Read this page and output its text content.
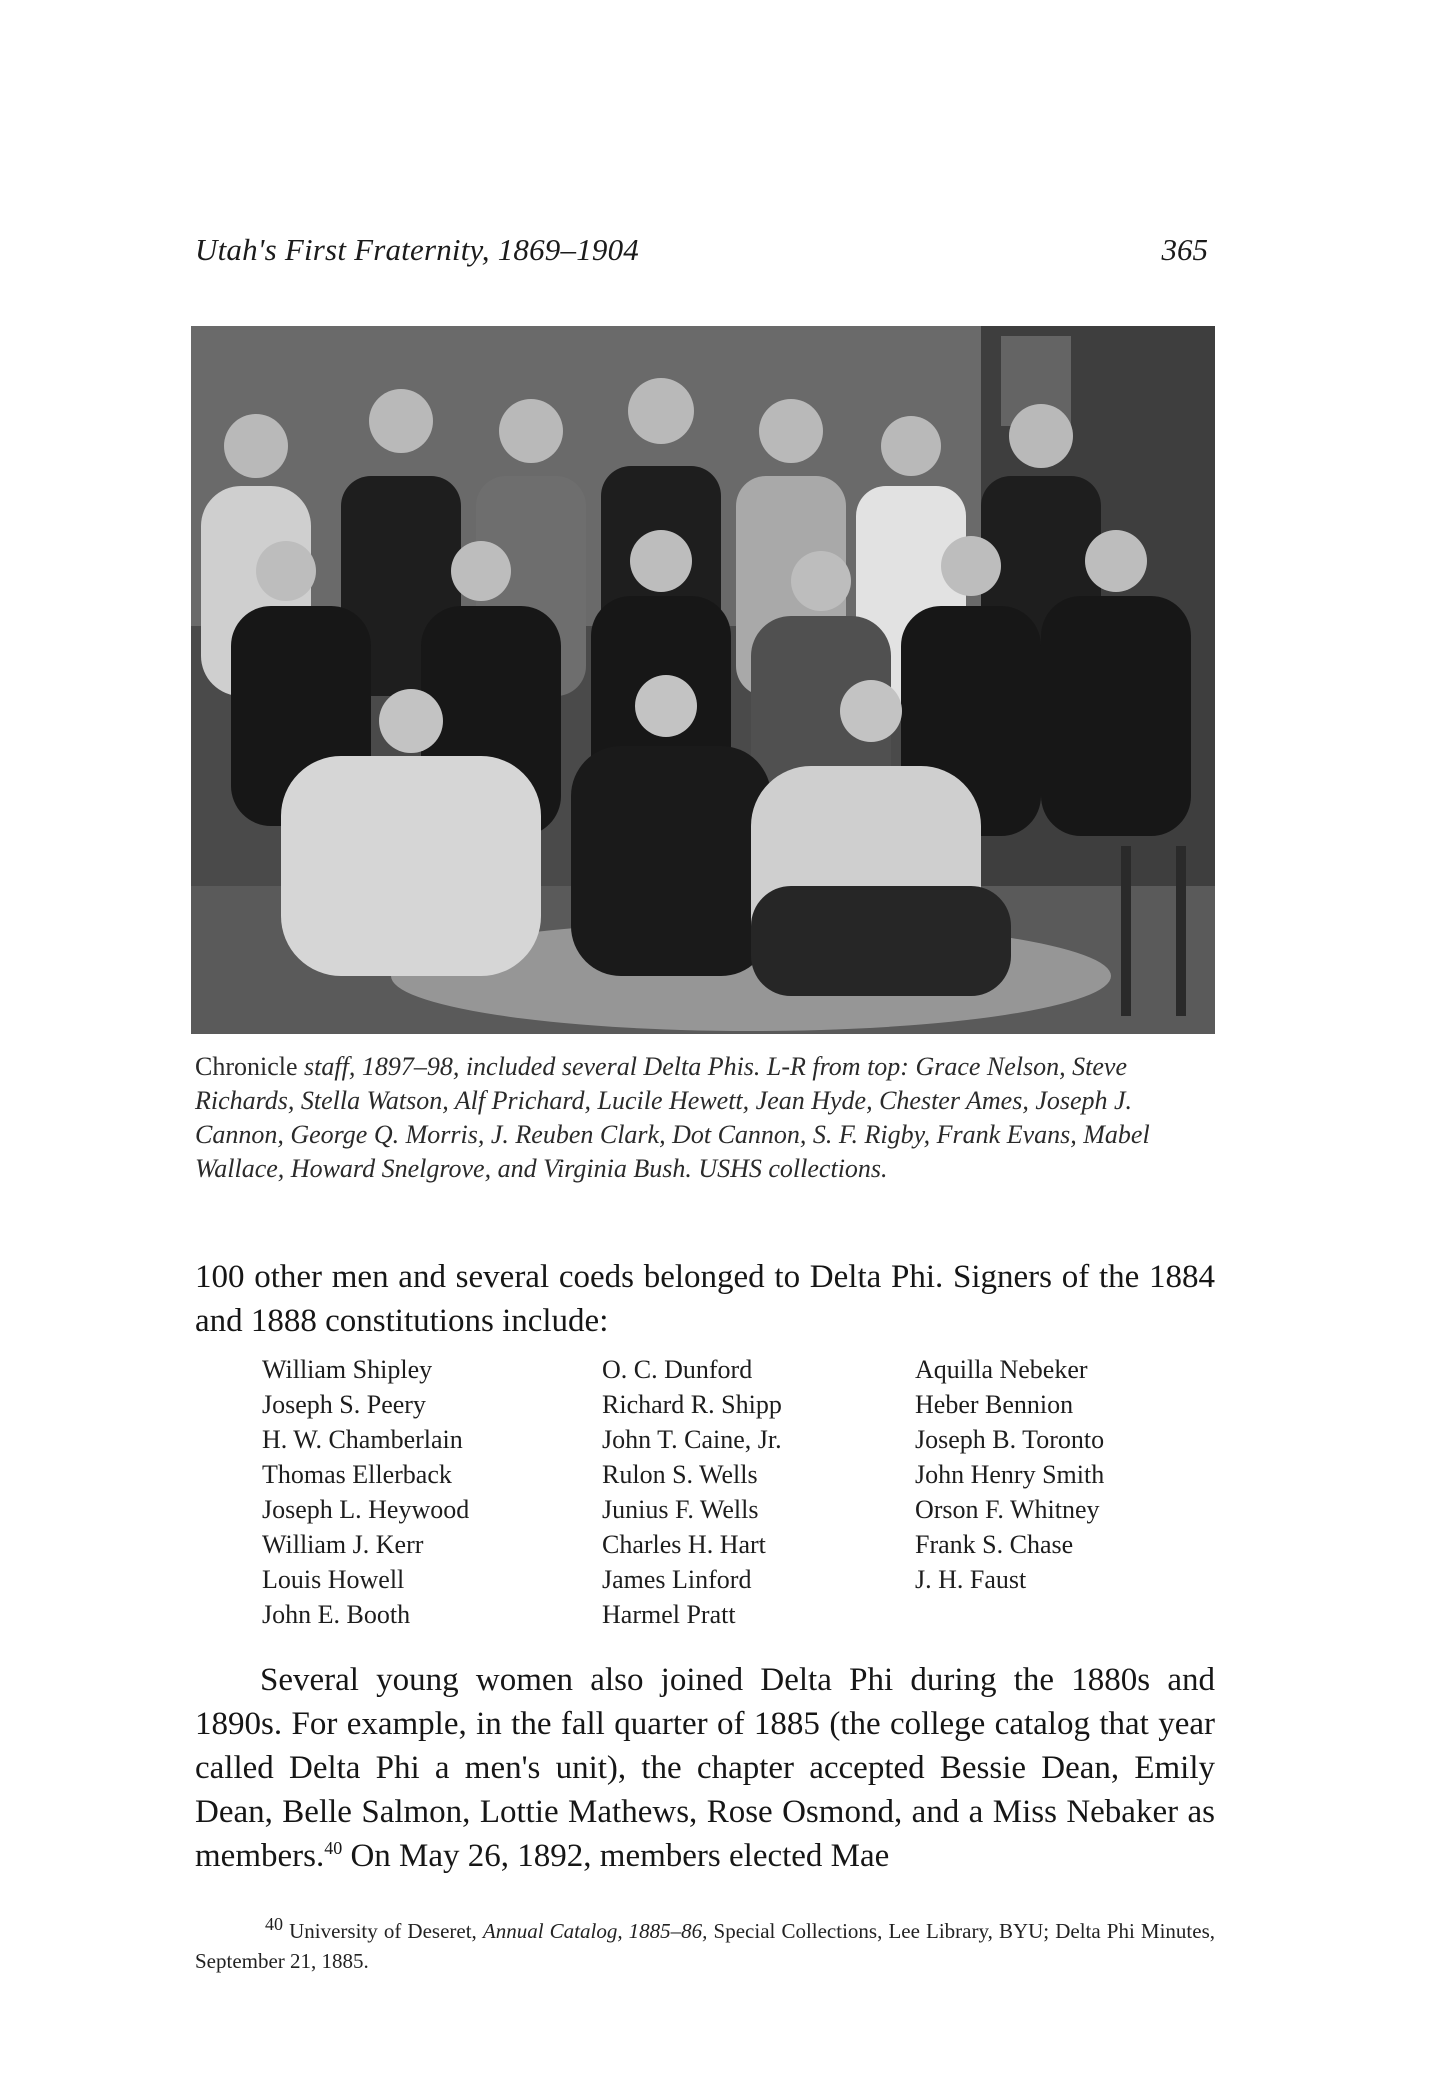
Utah's First Fraternity, 1869–1904	365
Chronicle staff, 1897–98, included several Delta Phis. L-R from top: Grace Nelson, Steve Richards, Stella Watson, Alf Prichard, Lucile Hewett, Jean Hyde, Chester Ames, Joseph J. Cannon, George Q. Morris, J. Reuben Clark, Dot Cannon, S. F. Rigby, Frank Evans, Mabel Wallace, Howard Snelgrove, and Virginia Bush. USHS collections.
100 other men and several coeds belonged to Delta Phi. Signers of the 1884 and 1888 constitutions include:
William Shipley
Joseph S. Peery
H. W. Chamberlain
Thomas Ellerback
Joseph L. Heywood
William J. Kerr
Louis Howell
John E. Booth
O. C. Dunford
Richard R. Shipp
John T. Caine, Jr.
Rulon S. Wells
Junius F. Wells
Charles H. Hart
James Linford
Harmel Pratt
Aquilla Nebeker
Heber Bennion
Joseph B. Toronto
John Henry Smith
Orson F. Whitney
Frank S. Chase
J. H. Faust
Several young women also joined Delta Phi during the 1880s and 1890s. For example, in the fall quarter of 1885 (the college catalog that year called Delta Phi a men's unit), the chapter accepted Bessie Dean, Emily Dean, Belle Salmon, Lottie Mathews, Rose Osmond, and a Miss Nebaker as members.$^{40}$ On May 26, 1892, members elected Mae
$^{40}$ University of Deseret, Annual Catalog, 1885–86, Special Collections, Lee Library, BYU; Delta Phi Minutes, September 21, 1885.
